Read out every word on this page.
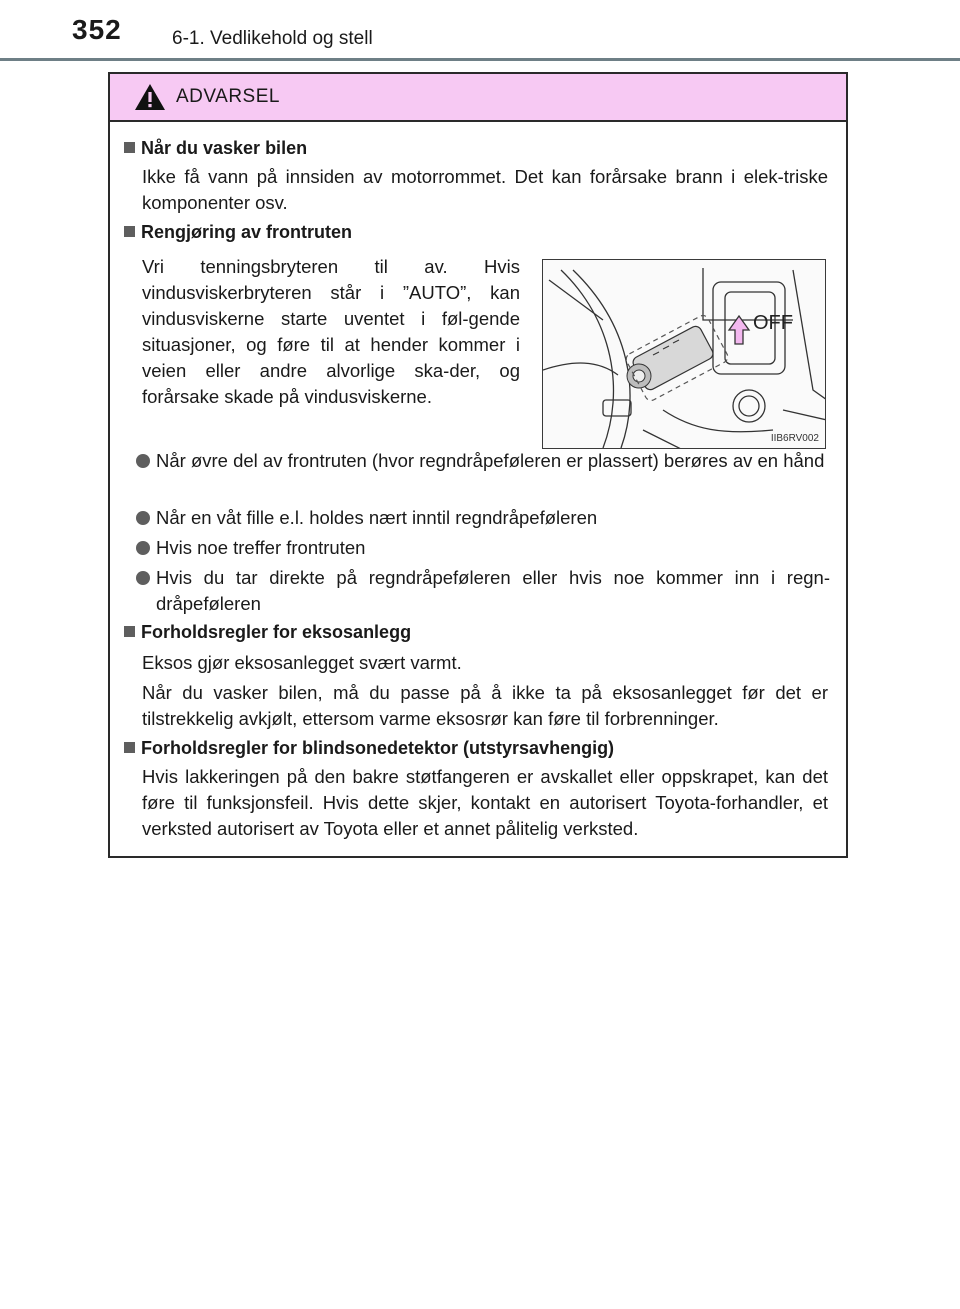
352	6-1. Vedlikehold og stell
ADVARSEL
Når du vasker bilen
Ikke få vann på innsiden av motorrommet. Det kan forårsake brann i elek-triske komponenter osv.
Rengjøring av frontruten
Vri tenningsbryteren til av. Hvis vindusviskerbryteren står i ”AUTO”, kan vindusviskerne starte uventet i føl-gende situasjoner, og føre til at hender kommer i veien eller andre alvorlige ska-der, og forårsake skade på vindusviskerne.
OFF
IIB6RV002
Når øvre del av frontruten (hvor regndråpeføleren er plassert) berøres av en hånd
Når en våt fille e.l. holdes nært inntil regndråpeføleren
Hvis noe treffer frontruten
Hvis du tar direkte på regndråpeføleren eller hvis noe kommer inn i regn-dråpeføleren
Forholdsregler for eksosanlegg
Eksos gjør eksosanlegget svært varmt.
Når du vasker bilen, må du passe på å ikke ta på eksosanlegget før det er tilstrekkelig avkjølt, ettersom varme eksosrør kan føre til forbrenninger.
Forholdsregler for blindsonedetektor (utstyrsavhengig)
Hvis lakkeringen på den bakre støtfangeren er avskallet eller oppskrapet, kan det føre til funksjonsfeil. Hvis dette skjer, kontakt en autorisert Toyota-forhandler, et verksted autorisert av Toyota eller et annet pålitelig verksted.
